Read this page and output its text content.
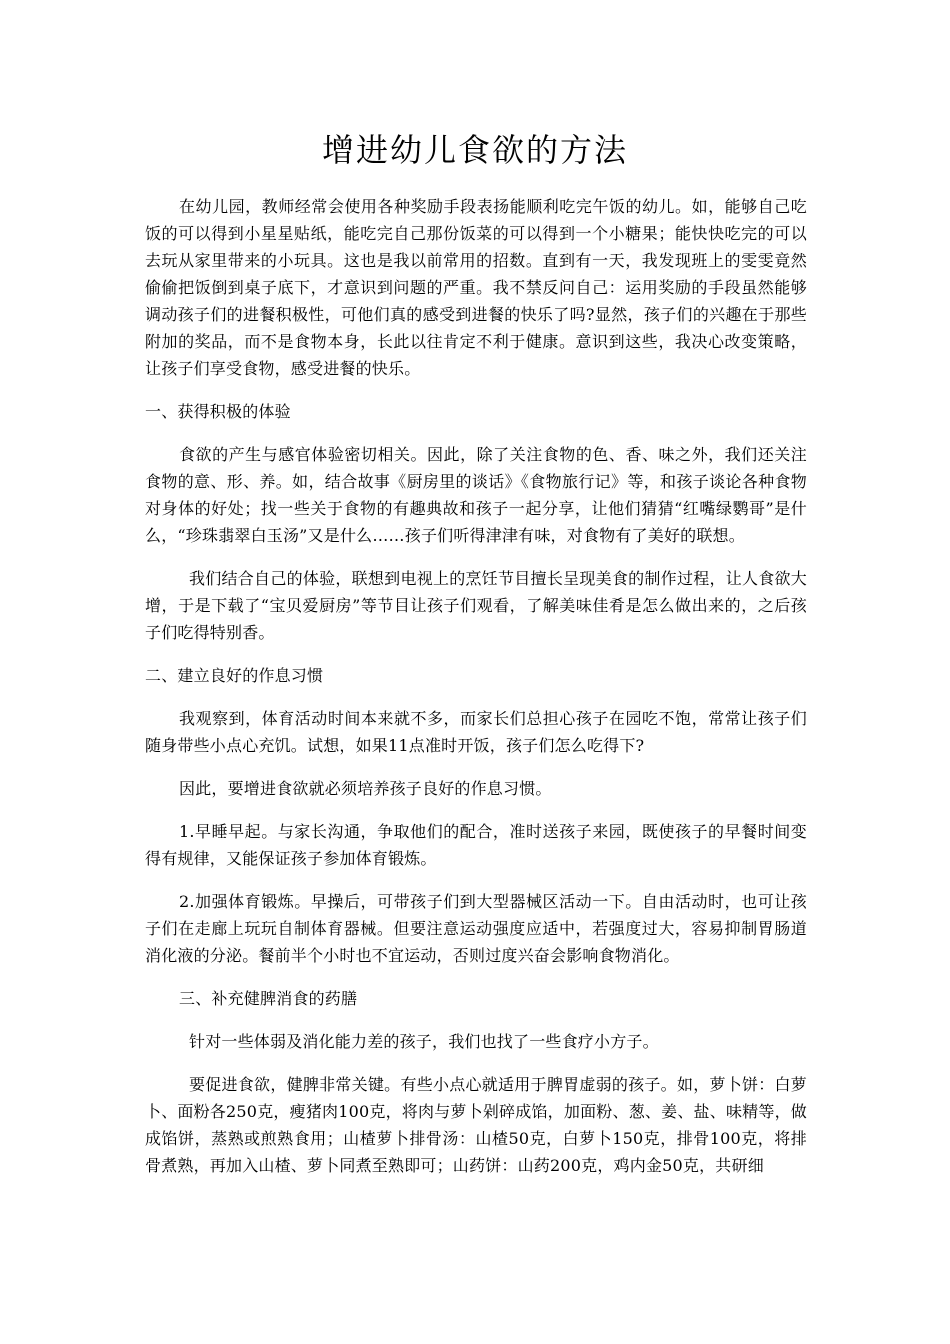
增进幼儿食欲的方法

在幼儿园，教师经常会使用各种奖励手段表扬能顺利吃完午饭的幼儿。如，能够自己吃饭的可以得到小星星贴纸，能吃完自己那份饭菜的可以得到一个小糖果；能快快吃完的可以去玩从家里带来的小玩具。这也是我以前常用的招数。直到有一天，我发现班上的雯雯竟然偷偷把饭倒到桌子底下，才意识到问题的严重。我不禁反问自己：运用奖励的手段虽然能够调动孩子们的进餐积极性，可他们真的感受到进餐的快乐了吗?显然，孩子们的兴趣在于那些附加的奖品，而不是食物本身，长此以往肯定不利于健康。意识到这些，我决心改变策略，让孩子们享受食物，感受进餐的快乐。

一、获得积极的体验

食欲的产生与感官体验密切相关。因此，除了关注食物的色、香、味之外，我们还关注食物的意、形、养。如，结合故事《厨房里的谈话》《食物旅行记》等，和孩子谈论各种食物对身体的好处；找一些关于食物的有趣典故和孩子一起分享，让他们猜猜“红嘴绿鹦哥”是什么，“珍珠翡翠白玉汤”又是什么……孩子们听得津津有味，对食物有了美好的联想。

我们结合自己的体验，联想到电视上的烹饪节目擅长呈现美食的制作过程，让人食欲大增，于是下载了“宝贝爱厨房”等节目让孩子们观看，了解美味佳肴是怎么做出来的，之后孩子们吃得特别香。

二、建立良好的作息习惯

我观察到，体育活动时间本来就不多，而家长们总担心孩子在园吃不饱，常常让孩子们随身带些小点心充饥。试想，如果11点准时开饭，孩子们怎么吃得下?

因此，要增进食欲就必须培养孩子良好的作息习惯。

1.早睡早起。与家长沟通，争取他们的配合，准时送孩子来园，既使孩子的早餐时间变得有规律，又能保证孩子参加体育锻炼。

2.加强体育锻炼。早操后，可带孩子们到大型器械区活动一下。自由活动时，也可让孩子们在走廊上玩玩自制体育器械。但要注意运动强度应适中，若强度过大，容易抑制胃肠道消化液的分泌。餐前半个小时也不宜运动，否则过度兴奋会影响食物消化。

三、补充健脾消食的药膳

针对一些体弱及消化能力差的孩子，我们也找了一些食疗小方子。

要促进食欲，健脾非常关键。有些小点心就适用于脾胃虚弱的孩子。如，萝卜饼：白萝卜、面粉各250克，瘦猪肉100克，将肉与萝卜剁碎成馅，加面粉、葱、姜、盐、味精等，做成馅饼，蒸熟或煎熟食用；山楂萝卜排骨汤：山楂50克，白萝卜150克，排骨100克，将排骨煮熟，再加入山楂、萝卜同煮至熟即可；山药饼：山药200克，鸡内金50克，共研细
